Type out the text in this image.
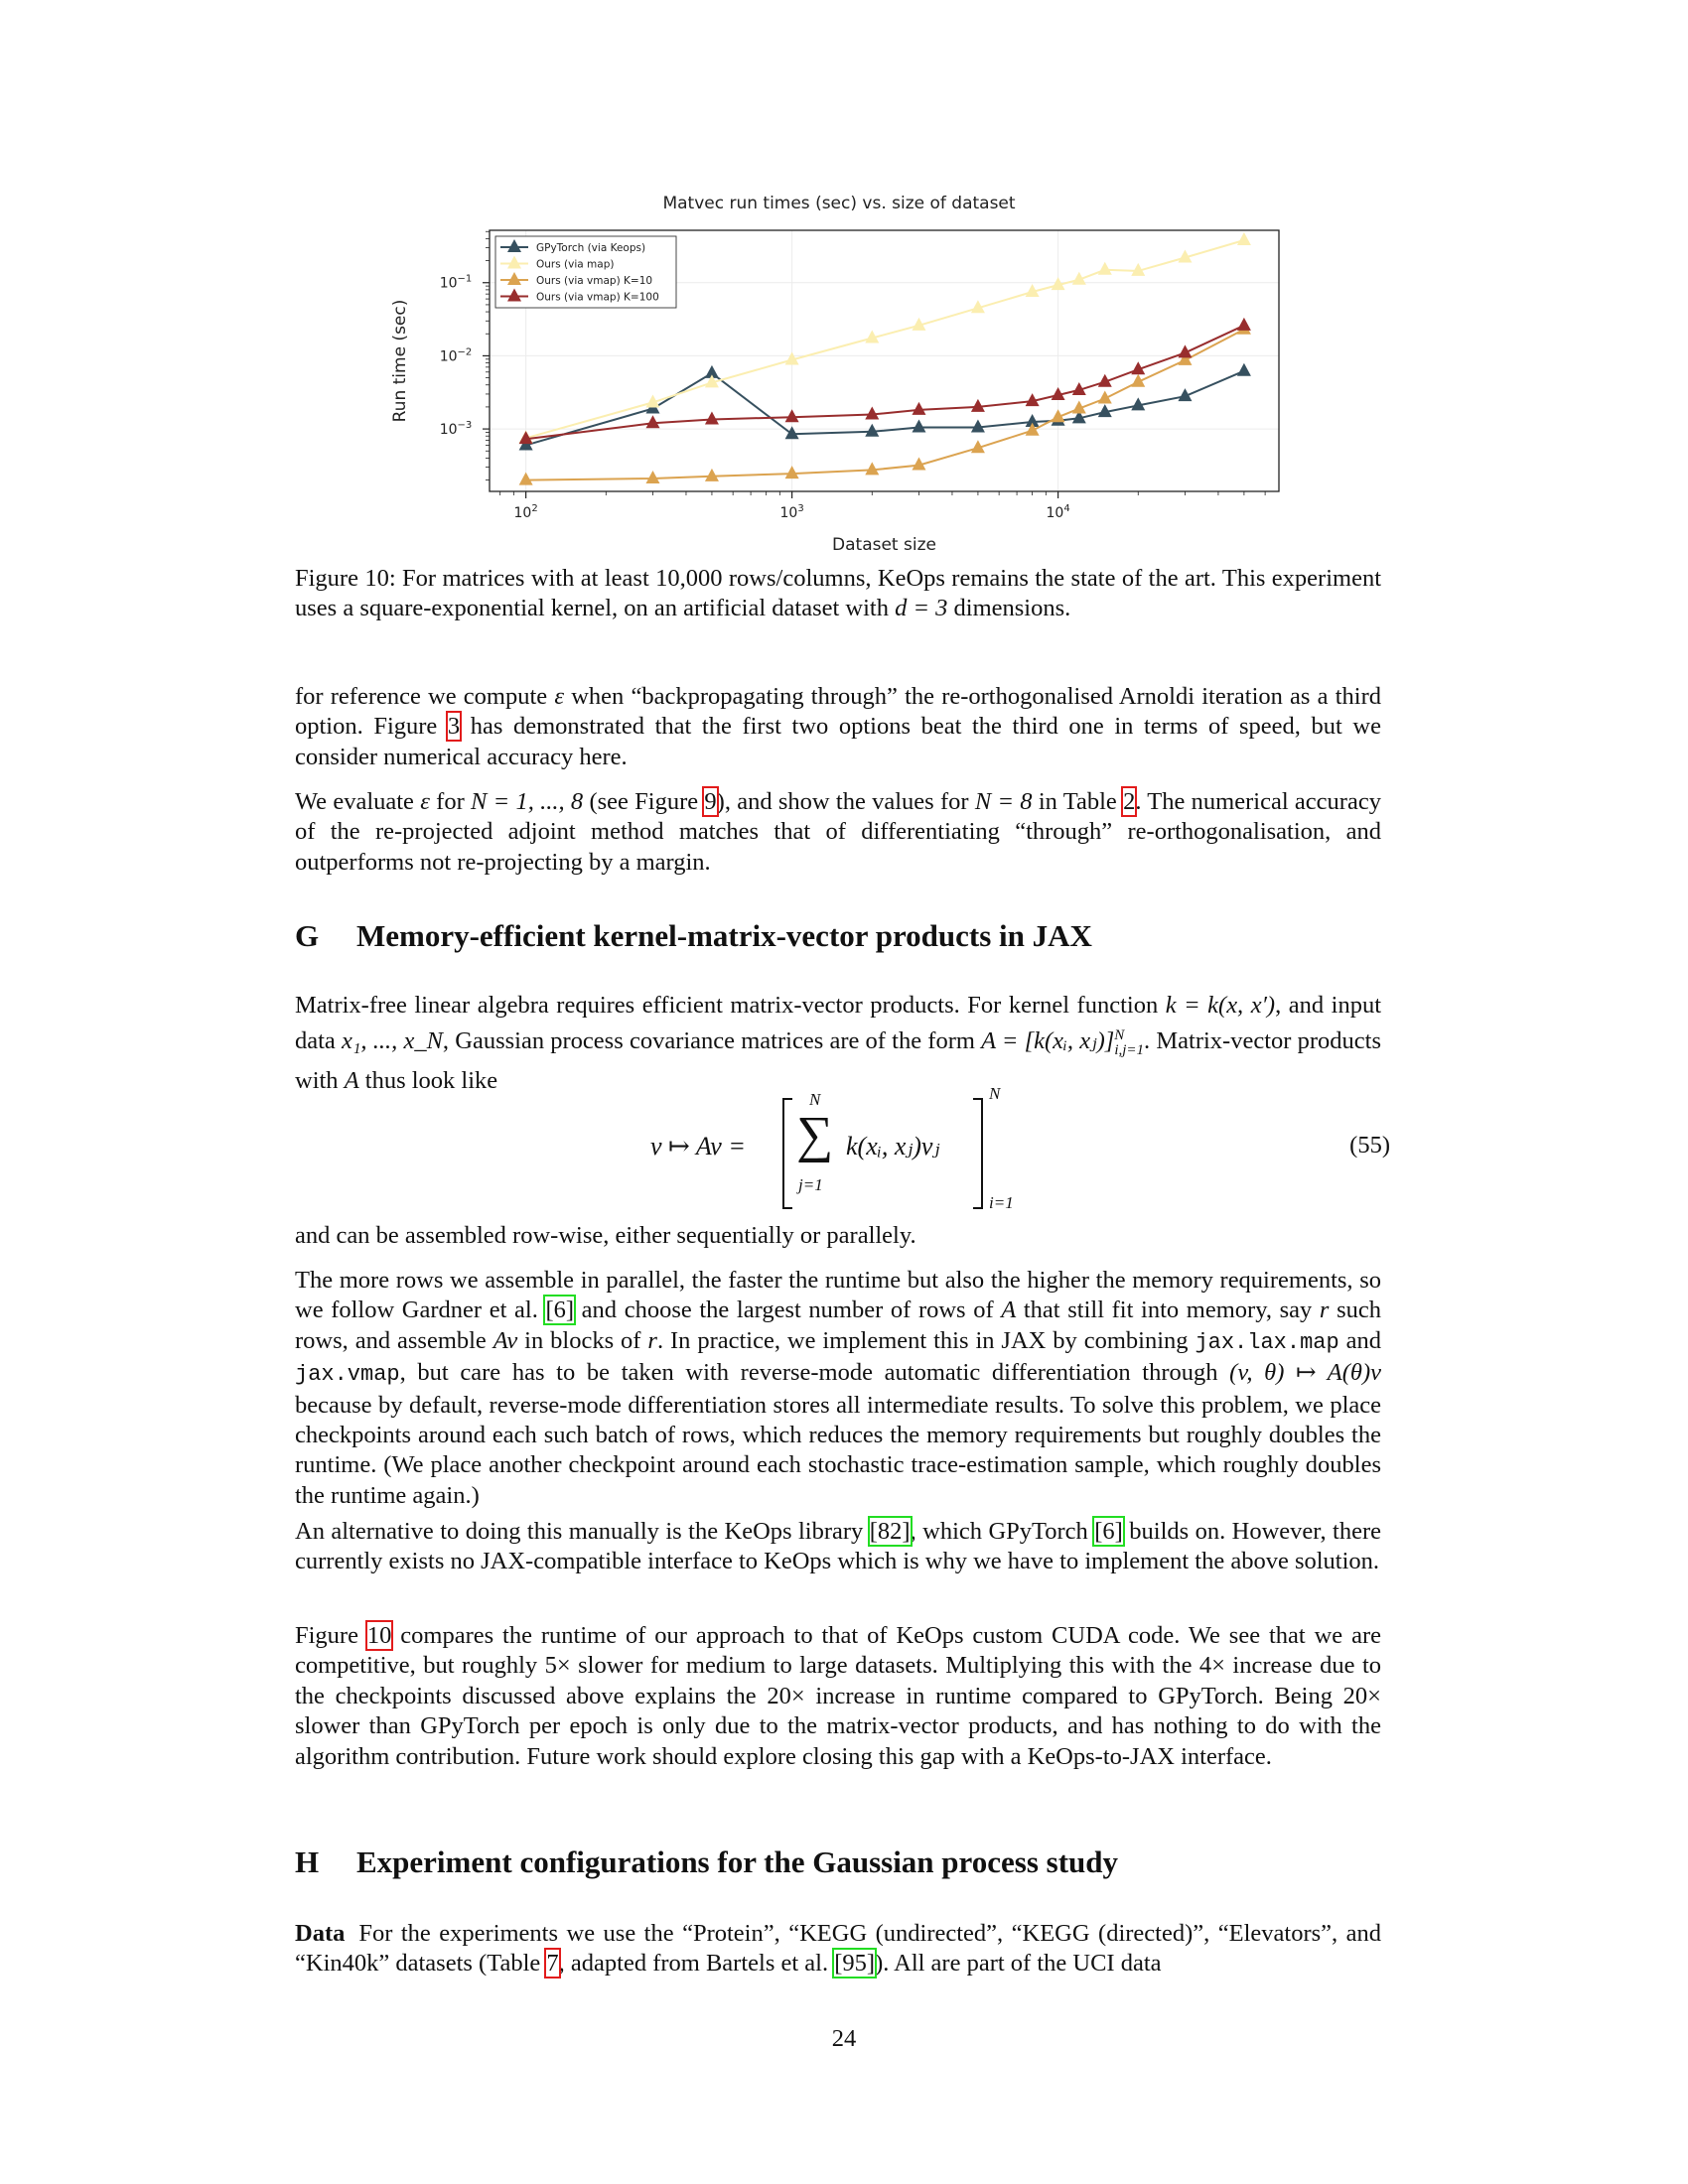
Matvec run times (sec) vs. size of dataset
$10^2$	$10^3$	$10^4$
$10^{-3}$
$10^{-2}$
$10^{-1}$
Dataset size
Run time (sec)
GPyTorch (via Keops)
Ours (via map)
Ours (via vmap) K=10
Ours (via vmap) K=100
Figure 10: For matrices with at least 10,000 rows/columns, KeOps remains the state of the art. This experiment uses a square-exponential kernel, on an artificial dataset with d = 3 dimensions.

for reference we compute ε when “backpropagating through” the re-orthogonalised Arnoldi iteration as a third option. Figure 3 has demonstrated that the first two options beat the third one in terms of speed, but we consider numerical accuracy here.

We evaluate ε for N = 1, ..., 8 (see Figure 9), and show the values for N = 8 in Table 2. The numerical accuracy of the re-projected adjoint method matches that of differentiating “through” re-orthogonalisation, and outperforms not re-projecting by a margin.

G Memory-efficient kernel-matrix-vector products in JAX

Matrix-free linear algebra requires efficient matrix-vector products. For kernel function k = k(x, x′), and input data x₁, ..., x_N, Gaussian process covariance matrices are of the form A = [k(xᵢ, xⱼ)]$^N_{i,j=1}$. Matrix-vector products with A thus look like

v ↦ Av =
N
∑
j=1
k(xᵢ, xⱼ)vⱼ
N
i=1
(55)

and can be assembled row-wise, either sequentially or parallely.

The more rows we assemble in parallel, the faster the runtime but also the higher the memory requirements, so we follow Gardner et al. [6] and choose the largest number of rows of A that still fit into memory, say r such rows, and assemble Av in blocks of r. In practice, we implement this in JAX by combining jax.lax.map and jax.vmap, but care has to be taken with reverse-mode automatic differentiation through (v, θ) ↦ A(θ)v because by default, reverse-mode differentiation stores all intermediate results. To solve this problem, we place checkpoints around each such batch of rows, which reduces the memory requirements but roughly doubles the runtime. (We place another checkpoint around each stochastic trace-estimation sample, which roughly doubles the runtime again.)

An alternative to doing this manually is the KeOps library [82], which GPyTorch [6] builds on. However, there currently exists no JAX-compatible interface to KeOps which is why we have to implement the above solution.

Figure 10 compares the runtime of our approach to that of KeOps custom CUDA code. We see that we are competitive, but roughly 5× slower for medium to large datasets. Multiplying this with the 4× increase due to the checkpoints discussed above explains the 20× increase in runtime compared to GPyTorch. Being 20× slower than GPyTorch per epoch is only due to the matrix-vector products, and has nothing to do with the algorithm contribution. Future work should explore closing this gap with a KeOps-to-JAX interface.

H Experiment configurations for the Gaussian process study

Data For the experiments we use the “Protein”, “KEGG (undirected”, “KEGG (directed)”, “Elevators”, and “Kin40k” datasets (Table 7, adapted from Bartels et al. [95]). All are part of the UCI data

24
